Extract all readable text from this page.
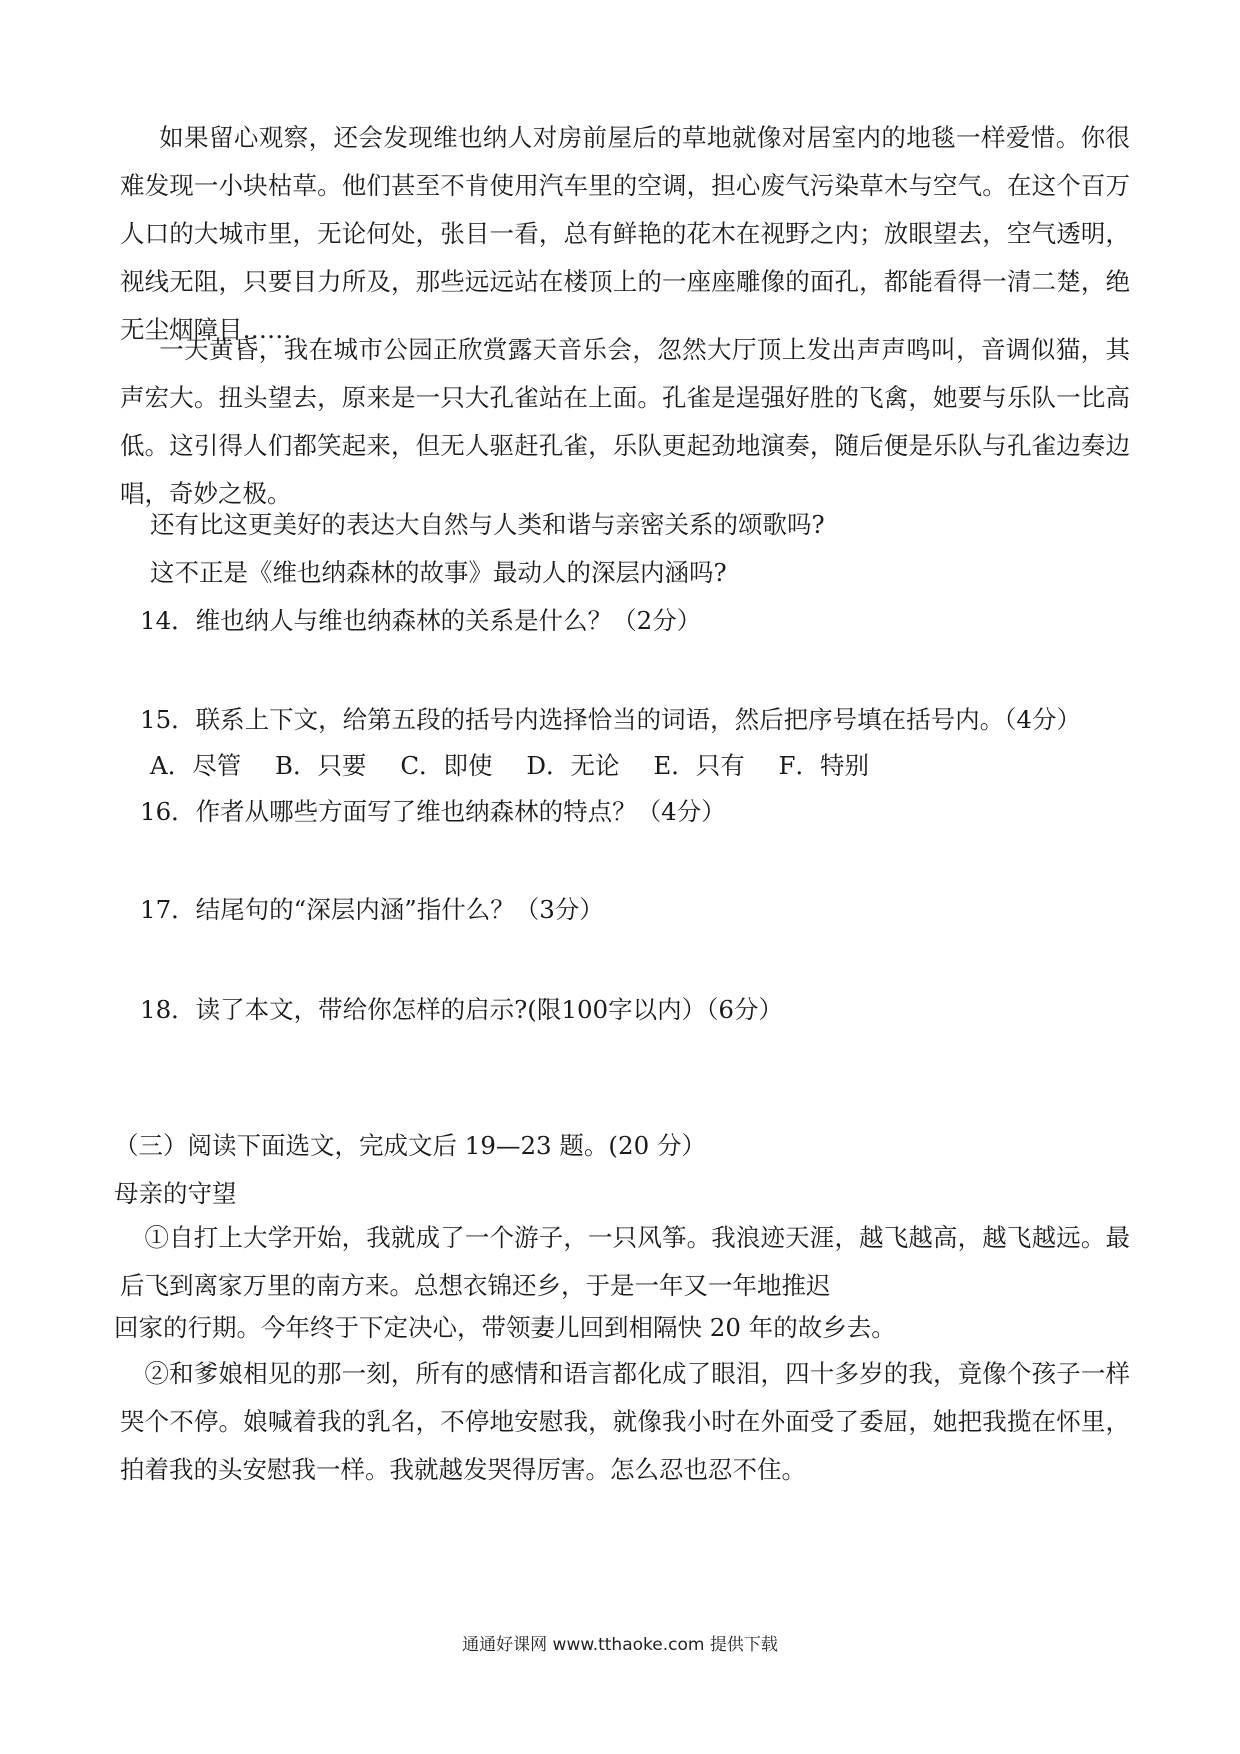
如果留心观察，还会发现维也纳人对房前屋后的草地就像对居室内的地毯一样爱惜。你很难发现一小块枯草。他们甚至不肯使用汽车里的空调，担心废气污染草木与空气。在这个百万人口的大城市里，无论何处，张目一看，总有鲜艳的花木在视野之内；放眼望去，空气透明，视线无阻，只要目力所及，那些远远站在楼顶上的一座座雕像的面孔，都能看得一清二楚，绝无尘烟障目……

一天黄昏，我在城市公园正欣赏露天音乐会，忽然大厅顶上发出声声鸣叫，音调似猫，其声宏大。扭头望去，原来是一只大孔雀站在上面。孔雀是逞强好胜的飞禽，她要与乐队一比高低。这引得人们都笑起来，但无人驱赶孔雀，乐队更起劲地演奏，随后便是乐队与孔雀边奏边唱，奇妙之极。

还有比这更美好的表达大自然与人类和谐与亲密关系的颂歌吗?

这不正是《维也纳森林的故事》最动人的深层内涵吗?

14．维也纳人与维也纳森林的关系是什么？（2分）

15．联系上下文，给第五段的括号内选择恰当的词语，然后把序号填在括号内。（4分）

A．尽管 B．只要 C．即使 D．无论 E．只有 F．特别

16．作者从哪些方面写了维也纳森林的特点？（4分）

17．结尾句的“深层内涵”指什么？（3分）

18．读了本文，带给你怎样的启示?(限100字以内）（6分）

（三）阅读下面选文，完成文后 19—23 题。(20 分）

母亲的守望

①自打上大学开始，我就成了一个游子，一只风筝。我浪迹天涯，越飞越高，越飞越远。最后飞到离家万里的南方来。总想衣锦还乡，于是一年又一年地推迟

回家的行期。今年终于下定决心，带领妻儿回到相隔快 20 年的故乡去。

②和爹娘相见的那一刻，所有的感情和语言都化成了眼泪，四十多岁的我，竟像个孩子一样哭个不停。娘喊着我的乳名，不停地安慰我，就像我小时在外面受了委屈，她把我揽在怀里，拍着我的头安慰我一样。我就越发哭得厉害。怎么忍也忍不住。

通通好课网 www.tthaoke.com 提供下载
